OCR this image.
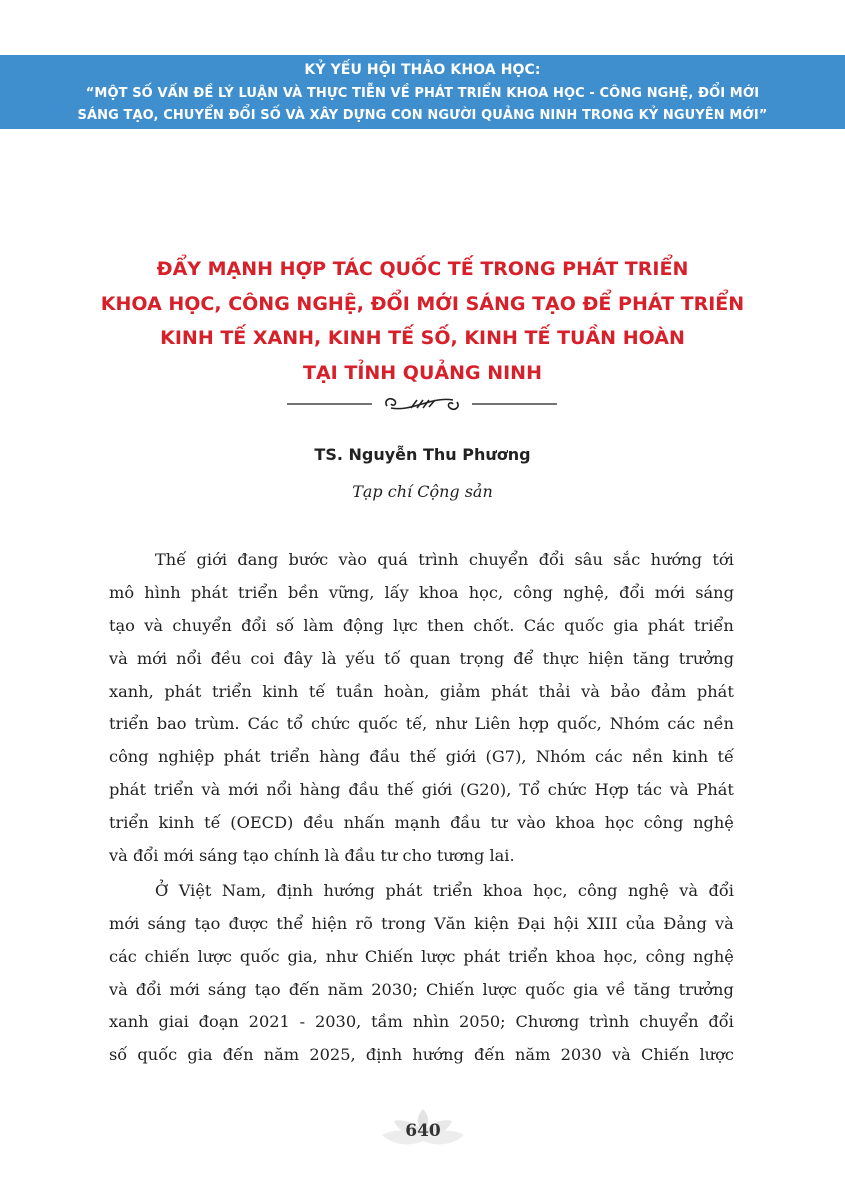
KỶ YẾU HỘI THẢO KHOA HỌC:
“MỘT SỐ VẤN ĐỀ LÝ LUẬN VÀ THỰC TIỄN VỀ PHÁT TRIỂN KHOA HỌC - CÔNG NGHỆ, ĐỔI MỚI
SÁNG TẠO, CHUYỂN ĐỔI SỐ VÀ XÂY DỰNG CON NGƯỜI QUẢNG NINH TRONG KỶ NGUYÊN MỚI”
ĐẨY MẠNH HỢP TÁC QUỐC TẾ TRONG PHÁT TRIỂN
KHOA HỌC, CÔNG NGHỆ, ĐỔI MỚI SÁNG TẠO ĐỂ PHÁT TRIỂN
KINH TẾ XANH, KINH TẾ SỐ, KINH TẾ TUẦN HOÀN
TẠI TỈNH QUẢNG NINH
TS. Nguyễn Thu Phương
Tạp chí Cộng sản
Thế giới đang bước vào quá trình chuyển đổi sâu sắc hướng tới
mô hình phát triển bền vững, lấy khoa học, công nghệ, đổi mới sáng
tạo và chuyển đổi số làm động lực then chốt. Các quốc gia phát triển
và mới nổi đều coi đây là yếu tố quan trọng để thực hiện tăng trưởng
xanh, phát triển kinh tế tuần hoàn, giảm phát thải và bảo đảm phát
triển bao trùm. Các tổ chức quốc tế, như Liên hợp quốc, Nhóm các nền
công nghiệp phát triển hàng đầu thế giới (G7), Nhóm các nền kinh tế
phát triển và mới nổi hàng đầu thế giới (G20), Tổ chức Hợp tác và Phát
triển kinh tế (OECD) đều nhấn mạnh đầu tư vào khoa học công nghệ
và đổi mới sáng tạo chính là đầu tư cho tương lai.
Ở Việt Nam, định hướng phát triển khoa học, công nghệ và đổi
mới sáng tạo được thể hiện rõ trong Văn kiện Đại hội XIII của Đảng và
các chiến lược quốc gia, như Chiến lược phát triển khoa học, công nghệ
và đổi mới sáng tạo đến năm 2030; Chiến lược quốc gia về tăng trưởng
xanh giai đoạn 2021 - 2030, tầm nhìn 2050; Chương trình chuyển đổi
số quốc gia đến năm 2025, định hướng đến năm 2030 và Chiến lược
640
